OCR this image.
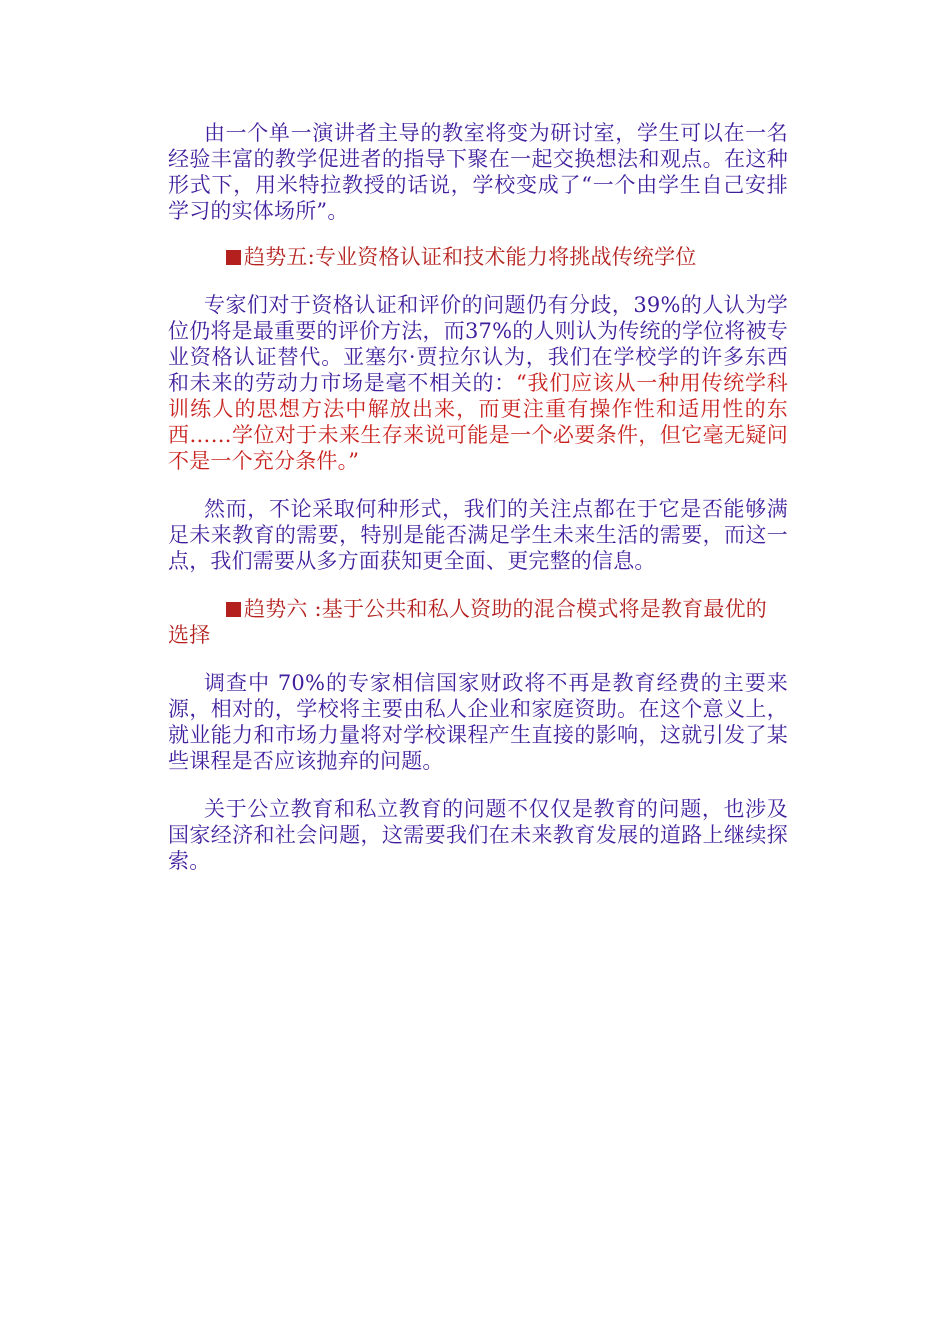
由一个单一演讲者主导的教室将变为研讨室，学生可以在一名经验丰富的教学促进者的指导下聚在一起交换想法和观点。在这种形式下，用米特拉教授的话说，学校变成了“一个由学生自己安排学习的实体场所”。

趋势五:专业资格认证和技术能力将挑战传统学位

专家们对于资格认证和评价的问题仍有分歧，39%的人认为学位仍将是最重要的评价方法，而37%的人则认为传统的学位将被专业资格认证替代。亚塞尔·贾拉尔认为，我们在学校学的许多东西和未来的劳动力市场是毫不相关的：“我们应该从一种用传统学科训练人的思想方法中解放出来，而更注重有操作性和适用性的东西……学位对于未来生存来说可能是一个必要条件，但它毫无疑问不是一个充分条件。”

然而，不论采取何种形式，我们的关注点都在于它是否能够满足未来教育的需要，特别是能否满足学生未来生活的需要，而这一点，我们需要从多方面获知更全面、更完整的信息。

趋势六 :基于公共和私人资助的混合模式将是教育最优的选择

调查中 70%的专家相信国家财政将不再是教育经费的主要来源，相对的，学校将主要由私人企业和家庭资助。在这个意义上，就业能力和市场力量将对学校课程产生直接的影响，这就引发了某些课程是否应该抛弃的问题。

关于公立教育和私立教育的问题不仅仅是教育的问题，也涉及国家经济和社会问题，这需要我们在未来教育发展的道路上继续探索。
